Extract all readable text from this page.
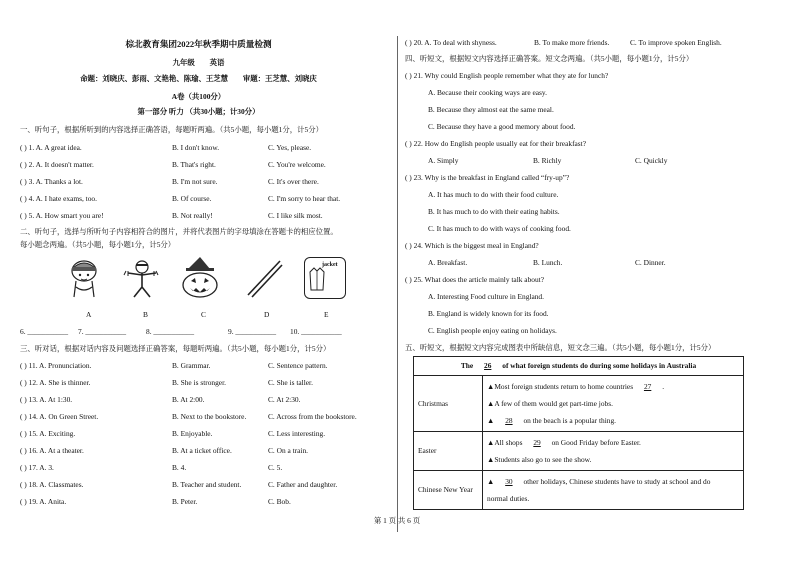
棕北教育集团2022年秋季期中质量检测
九年级　　英语
命题：刘晓庆、彭雨、文艳艳、陈瑜、王芝慧　　审题：王芝慧、刘晓庆
A卷（共100分）
第一部分 听力 （共30小题；计30分）
一、听句子，根据所听到的内容选择正确答语，每题听两遍。（共5小题，每小题1分，计5分）
( ) 1. A. A great idea.	B. I don't know.	C. Yes, please.
( ) 2. A. It doesn't matter.	B. That's right.	C. You're welcome.
( ) 3. A. Thanks a lot.	B. I'm not sure.	C. It's over there.
( ) 4. A. I hate exams, too.	B. Of course.	C. I'm sorry to hear that.
( ) 5. A. How smart you are!	B. Not really!	C. I like silk most.
二、听句子，选择与所听句子内容相符合的图片，并将代表图片的字母填涂在答题卡的相应位置。
每小题念两遍。（共5小题，每小题1分，计5分）
jacket
A	B	C	D	E
6. ___________ 7. ___________	8. ___________	9. ___________ 10. ___________
三、听对话，根据对话内容及问题选择正确答案，每题听两遍。（共5小题，每小题1分，计5分）
( ) 11. A. Pronunciation.	B. Grammar.	C. Sentence pattern.
( ) 12. A. She is thinner.	B. She is stronger.	C. She is taller.
( ) 13. A. At 1:30.	B. At 2:00.	C. At 2:30.
( ) 14. A. On Green Street.	B. Next to the bookstore.	C. Across from the bookstore.
( ) 15. A. Exciting.	B. Enjoyable.	C. Less interesting.
( ) 16. A. At a theater.	B. At a ticket office.	C. On a train.
( ) 17. A. 3.	B. 4.	C. 5.
( ) 18. A. Classmates.	B. Teacher and student.	C. Father and daughter.
( ) 19. A. Anita.	B. Peter.	C. Bob.
( ) 20. A. To deal with shyness.	B. To make more friends.	C. To improve spoken English.
四、听短文，根据短文内容选择正确答案。短文念两遍。（共5小题，每小题1分，计5分）
( ) 21. Why could English people remember what they ate for lunch?
A. Because their cooking ways are easy.
B. Because they almost eat the same meal.
C. Because they have a good memory about food.
( ) 22. How do English people usually eat for their breakfast?
A. Simply	B. Richly	C. Quickly
( ) 23. Why is the breakfast in England called “fry-up”?
A. It has much to do with their food culture.
B. It has much to do with their eating habits.
C. It has much to do with ways of cooking food.
( ) 24. Which is the biggest meal in England?
A. Breakfast.	B. Lunch.	C. Dinner.
( ) 25. What does the article mainly talk about?
A. Interesting Food culture in England.
B. England is widely known for its food.
C. English people enjoy eating on holidays.
五、听短文，根据短文内容完成图表中所缺信息，短文念三遍。（共5小题，每小题1分，计5分）
The 26 of what foreign students do during some holidays in Australia	
Christmas	▲Most foreign students return to home countries 27 .
▲A few of them would get part-time jobs.
▲ 28 on the beach is a popular thing.

Easter	▲All shops 29 on Good Friday before Easter.
▲Students also go to see the show.

Chinese New Year	▲ 30 other holidays, Chinese students have to study at school and do
normal duties.
第 1 页 共 6 页
